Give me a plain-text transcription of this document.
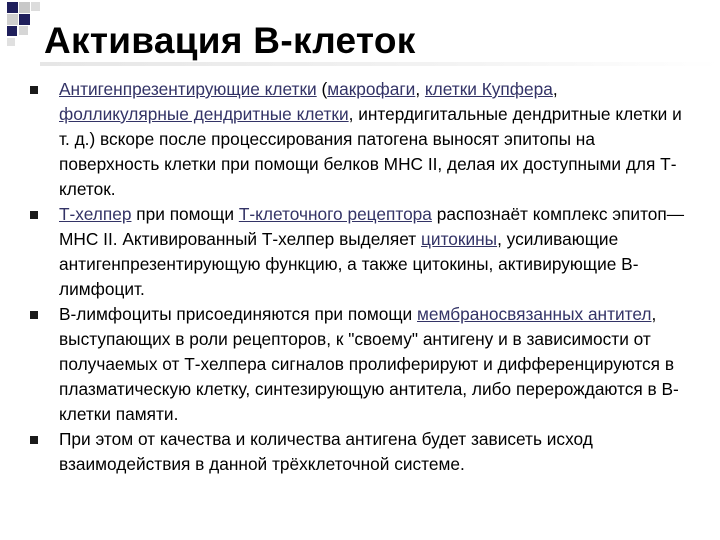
Активация В-клеток
Антигенпрезентирующие клетки (макрофаги, клетки Купфера, фолликулярные дендритные клетки, интердигитальные дендритные клетки и т. д.) вскоре после процессирования патогена выносят эпитопы на поверхность клетки при помощи белков MHC II, делая их доступными для Т-клеток.
Т-хелпер при помощи Т-клеточного рецептора распознаёт комплекс эпитоп—MHC II. Активированный Т-хелпер выделяет цитокины, усиливающие антигенпрезентирующую функцию, а также цитокины, активирующие В-лимфоцит.
В-лимфоциты присоединяются при помощи мембраносвязанных антител, выступающих в роли рецепторов, к "своему" антигену и в зависимости от получаемых от Т-хелпера сигналов пролиферируют и дифференцируются в плазматическую клетку, синтезирующую антитела, либо перерождаются в В-клетки памяти.
При этом от качества и количества антигена будет зависеть исход взаимодействия в данной трёхклеточной системе.
